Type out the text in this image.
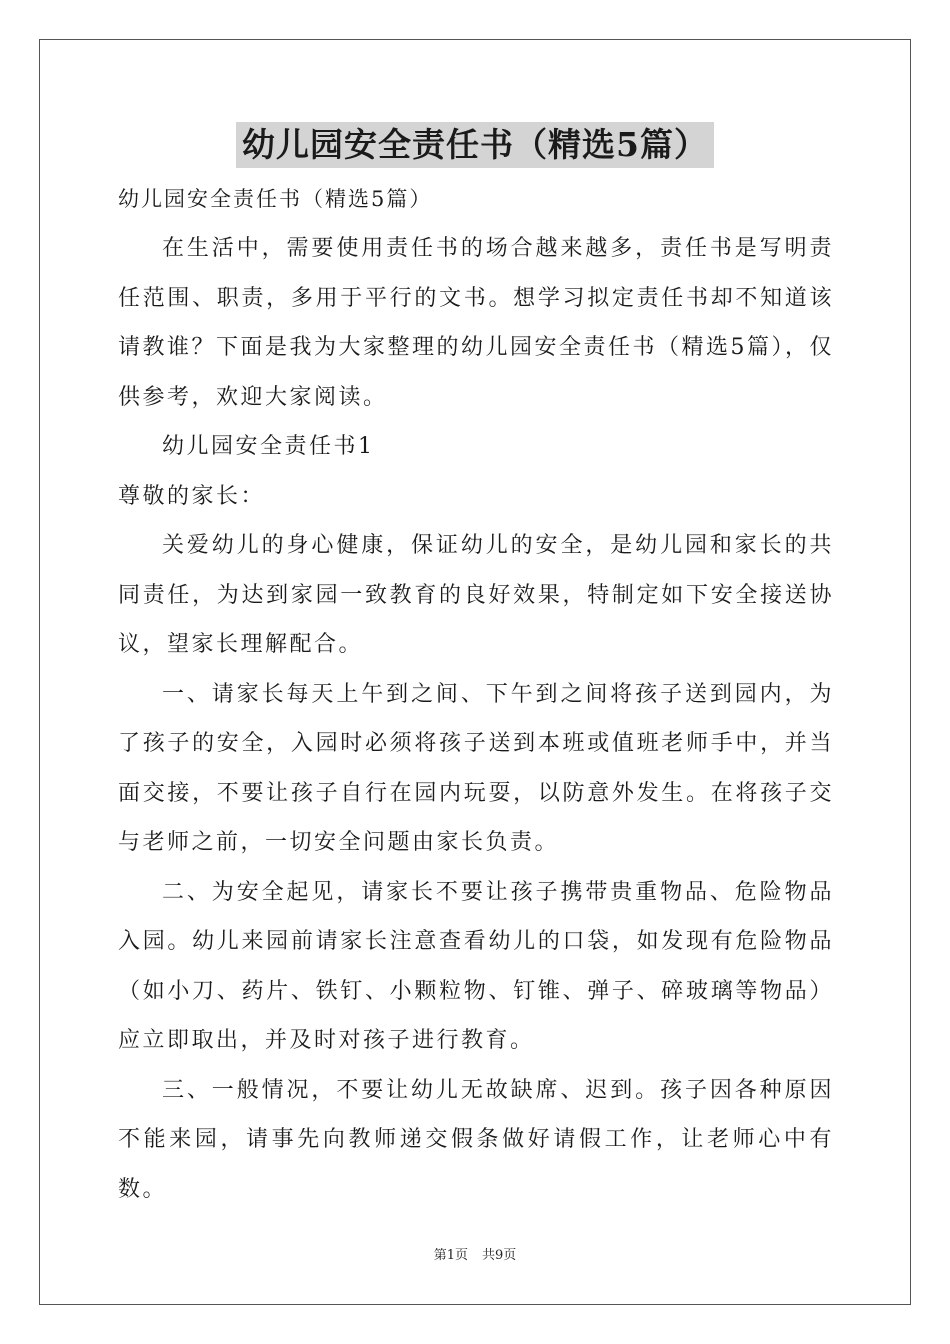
幼儿园安全责任书（精选5篇）
幼儿园安全责任书（精选5篇）

在生活中，需要使用责任书的场合越来越多，责任书是写明责任范围、职责，多用于平行的文书。想学习拟定责任书却不知道该请教谁？下面是我为大家整理的幼儿园安全责任书（精选5篇），仅供参考，欢迎大家阅读。

幼儿园安全责任书1

尊敬的家长：

关爱幼儿的身心健康，保证幼儿的安全，是幼儿园和家长的共同责任，为达到家园一致教育的良好效果，特制定如下安全接送协议，望家长理解配合。

一、请家长每天上午到之间、下午到之间将孩子送到园内，为了孩子的安全，入园时必须将孩子送到本班或值班老师手中，并当面交接，不要让孩子自行在园内玩耍，以防意外发生。在将孩子交与老师之前，一切安全问题由家长负责。

二、为安全起见，请家长不要让孩子携带贵重物品、危险物品入园。幼儿来园前请家长注意查看幼儿的口袋，如发现有危险物品（如小刀、药片、铁钉、小颗粒物、钉锥、弹子、碎玻璃等物品）应立即取出，并及时对孩子进行教育。

三、一般情况，不要让幼儿无故缺席、迟到。孩子因各种原因不能来园，请事先向教师递交假条做好请假工作，让老师心中有数。

第1页 共9页
